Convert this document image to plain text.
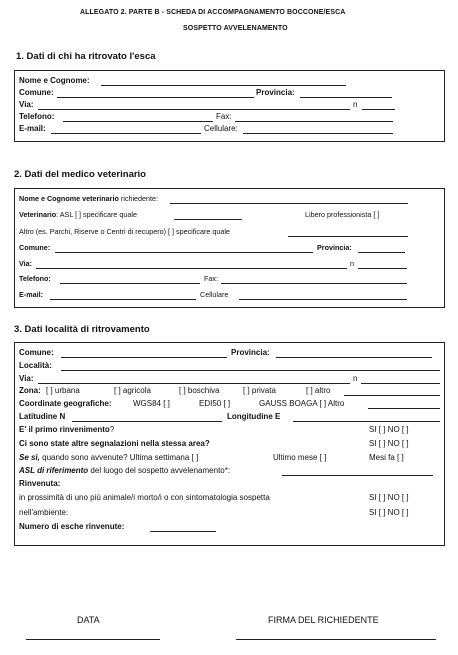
ALLEGATO 2. PARTE B - SCHEDA DI ACCOMPAGNAMENTO BOCCONE/ESCA
SOSPETTO AVVELENAMENTO
1. Dati di chi ha ritrovato l'esca
Nome e Cognome:
Comune:	Provincia:
Via:	n
Telefono:	Fax:
E-mail:	Cellulare:
2. Dati del medico veterinario
Nome e Cognome veterinario richiedente:
Veterinario: ASL [ ] specificare quale	Libero professionista [ ]
Altro (es. Parchi, Riserve o Centri di recupero) [ ] specificare quale
Comune:	Provincia:
Via:	n
Telefono:	Fax:
E-mail:	Cellulare
3. Dati località di ritrovamento
Comune:	Provincia:
Località:
Via:	n
Zona: [ ] urbana	[ ] agricola	[ ] boschiva	[ ] privata	[ ] altro
Coordinate geografiche:	WGS84 [ ]	EDI50 [ ]	GAUSS BOAGA [ ] Altro
Latitudine N	Longitudine E
E' il primo rinvenimento?	SI [ ] NO [ ]
Ci sono state altre segnalazioni nella stessa area?	SI [ ] NO [ ]
Se sì, quando sono avvenute? Ultima settimana [ ]	Ultimo mese [ ]	Mesi fa [ ]
ASL di riferimento del luogo del sospetto avvelenamento*:
Rinvenuta:
in prossimità di uno più animale/i morto/i o con sintomatologia sospetta	SI [ ] NO [ ]
nell'ambiente:	SI [ ] NO [ ]
Numero di esche rinvenute:
DATA	FIRMA DEL RICHIEDENTE
